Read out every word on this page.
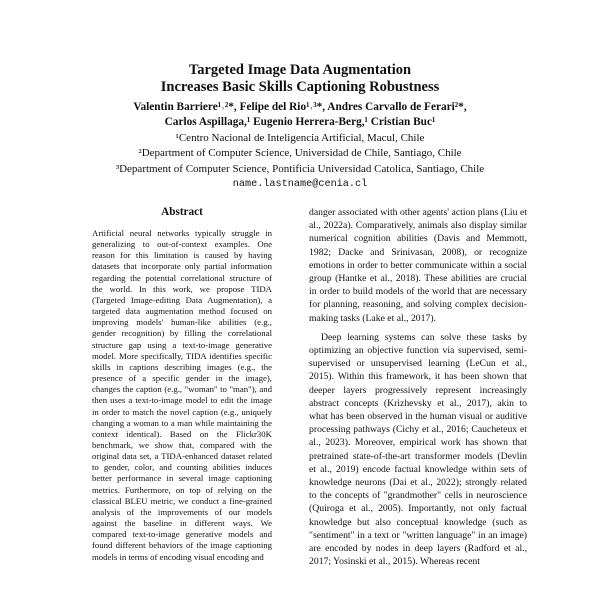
Targeted Image Data Augmentation
Increases Basic Skills Captioning Robustness
Valentin Barriere¹˒²*, Felipe del Rio¹˒³*, Andres Carvallo de Ferari²*,
Carlos Aspillaga,¹ Eugenio Herrera-Berg,¹ Cristian Buc¹
¹Centro Nacional de Inteligencia Artificial, Macul, Chile
²Department of Computer Science, Universidad de Chile, Santiago, Chile
³Department of Computer Science, Pontificia Universidad Catolica, Santiago, Chile
name.lastname@cenia.cl
Abstract
Artificial neural networks typically struggle in generalizing to out-of-context examples. One reason for this limitation is caused by having datasets that incorporate only partial information regarding the potential correlational structure of the world. In this work, we propose TIDA (Targeted Image-editing Data Augmentation), a targeted data augmentation method focused on improving models' human-like abilities (e.g., gender recognition) by filling the correlational structure gap using a text-to-image generative model. More specifically, TIDA identifies specific skills in captions describing images (e.g., the presence of a specific gender in the image), changes the caption (e.g., "woman" to "man"), and then uses a text-to-image model to edit the image in order to match the novel caption (e.g., uniquely changing a woman to a man while maintaining the context identical). Based on the Flickr30K benchmark, we show that, compared with the original data set, a TIDA-enhanced dataset related to gender, color, and counting abilities induces better performance in several image captioning metrics. Furthermore, on top of relying on the classical BLEU metric, we conduct a fine-grained analysis of the improvements of our models against the baseline in different ways. We compared text-to-image generative models and found different behaviors of the image captioning models in terms of encoding visual encoding and

danger associated with other agents' action plans (Liu et al., 2022a). Comparatively, animals also display similar numerical cognition abilities (Davis and Memmott, 1982; Dacke and Srinivasan, 2008), or recognize emotions in order to better communicate within a social group (Hantke et al., 2018). These abilities are crucial in order to build models of the world that are necessary for planning, reasoning, and solving complex decision-making tasks (Lake et al., 2017).

Deep learning systems can solve these tasks by optimizing an objective function via supervised, semi-supervised or unsupervised learning (LeCun et al., 2015). Within this framework, it has been shown that deeper layers progressively represent increasingly abstract concepts (Krizhevsky et al., 2017), akin to what has been observed in the human visual or auditive processing pathways (Cichy et al., 2016; Caucheteux et al., 2023). Moreover, empirical work has shown that pretrained state-of-the-art transformer models (Devlin et al., 2019) encode factual knowledge within sets of knowledge neurons (Dai et al., 2022); strongly related to the concepts of "grandmother" cells in neuroscience (Quiroga et al., 2005). Importantly, not only factual knowledge but also conceptual knowledge (such as "sentiment" in a text or "written language" in an image) are encoded by nodes in deep layers (Radford et al., 2017; Yosinski et al., 2015). Whereas recent
